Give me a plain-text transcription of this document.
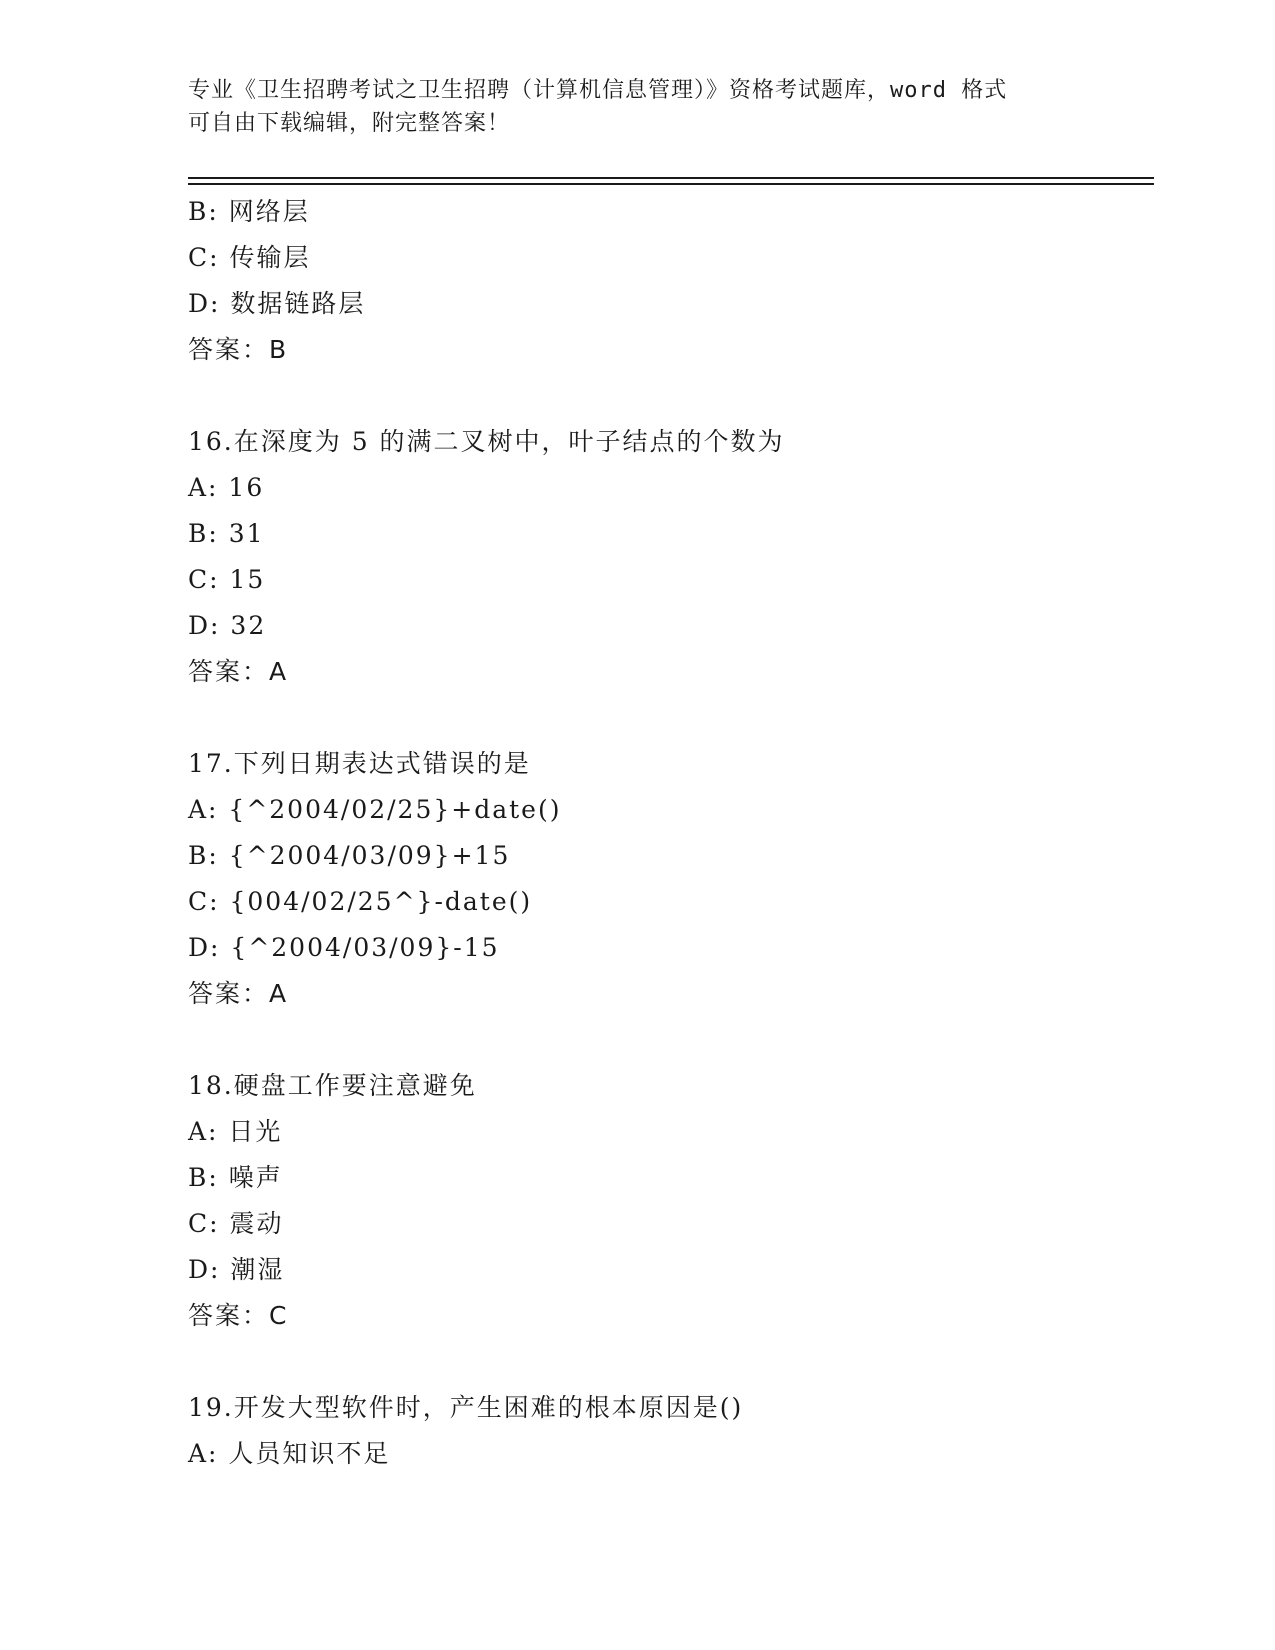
专业《卫生招聘考试之卫生招聘（计算机信息管理）》资格考试题库，word 格式
可自由下载编辑，附完整答案！
B: 网络层
C: 传输层
D: 数据链路层
答案：B
16.在深度为 5 的满二叉树中，叶子结点的个数为
A: 16
B: 31
C: 15
D: 32
答案：A
17.下列日期表达式错误的是
A: {^2004/02/25}+date()
B: {^2004/03/09}+15
C: {004/02/25^}-date()
D: {^2004/03/09}-15
答案：A
18.硬盘工作要注意避免
A: 日光
B: 噪声
C: 震动
D: 潮湿
答案：C
19.开发大型软件时，产生困难的根本原因是()
A: 人员知识不足
